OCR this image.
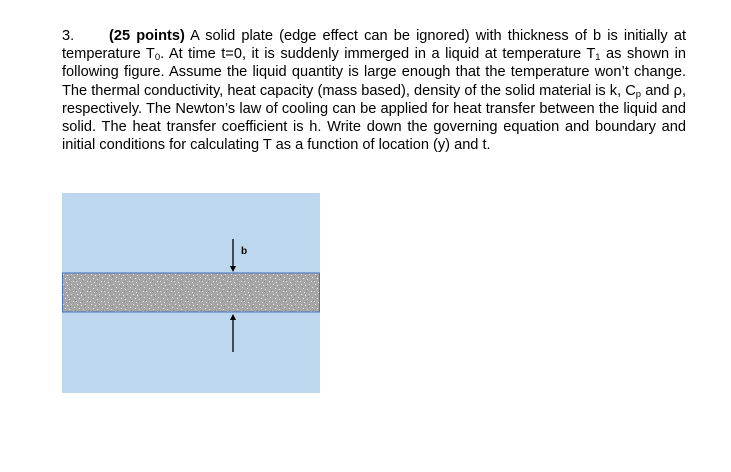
3. (25 points) A solid plate (edge effect can be ignored) with thickness of b is initially at temperature $T_0$. At time t=0, it is suddenly immerged in a liquid at temperature $T_1$ as shown in following figure. Assume the liquid quantity is large enough that the temperature won’t change. The thermal conductivity, heat capacity (mass based), density of the solid material is k, $C_p$ and ρ, respectively. The Newton’s law of cooling can be applied for heat transfer between the liquid and solid. The heat transfer coefficient is h. Write down the governing equation and boundary and initial conditions for calculating T as a function of location (y) and t.

b
